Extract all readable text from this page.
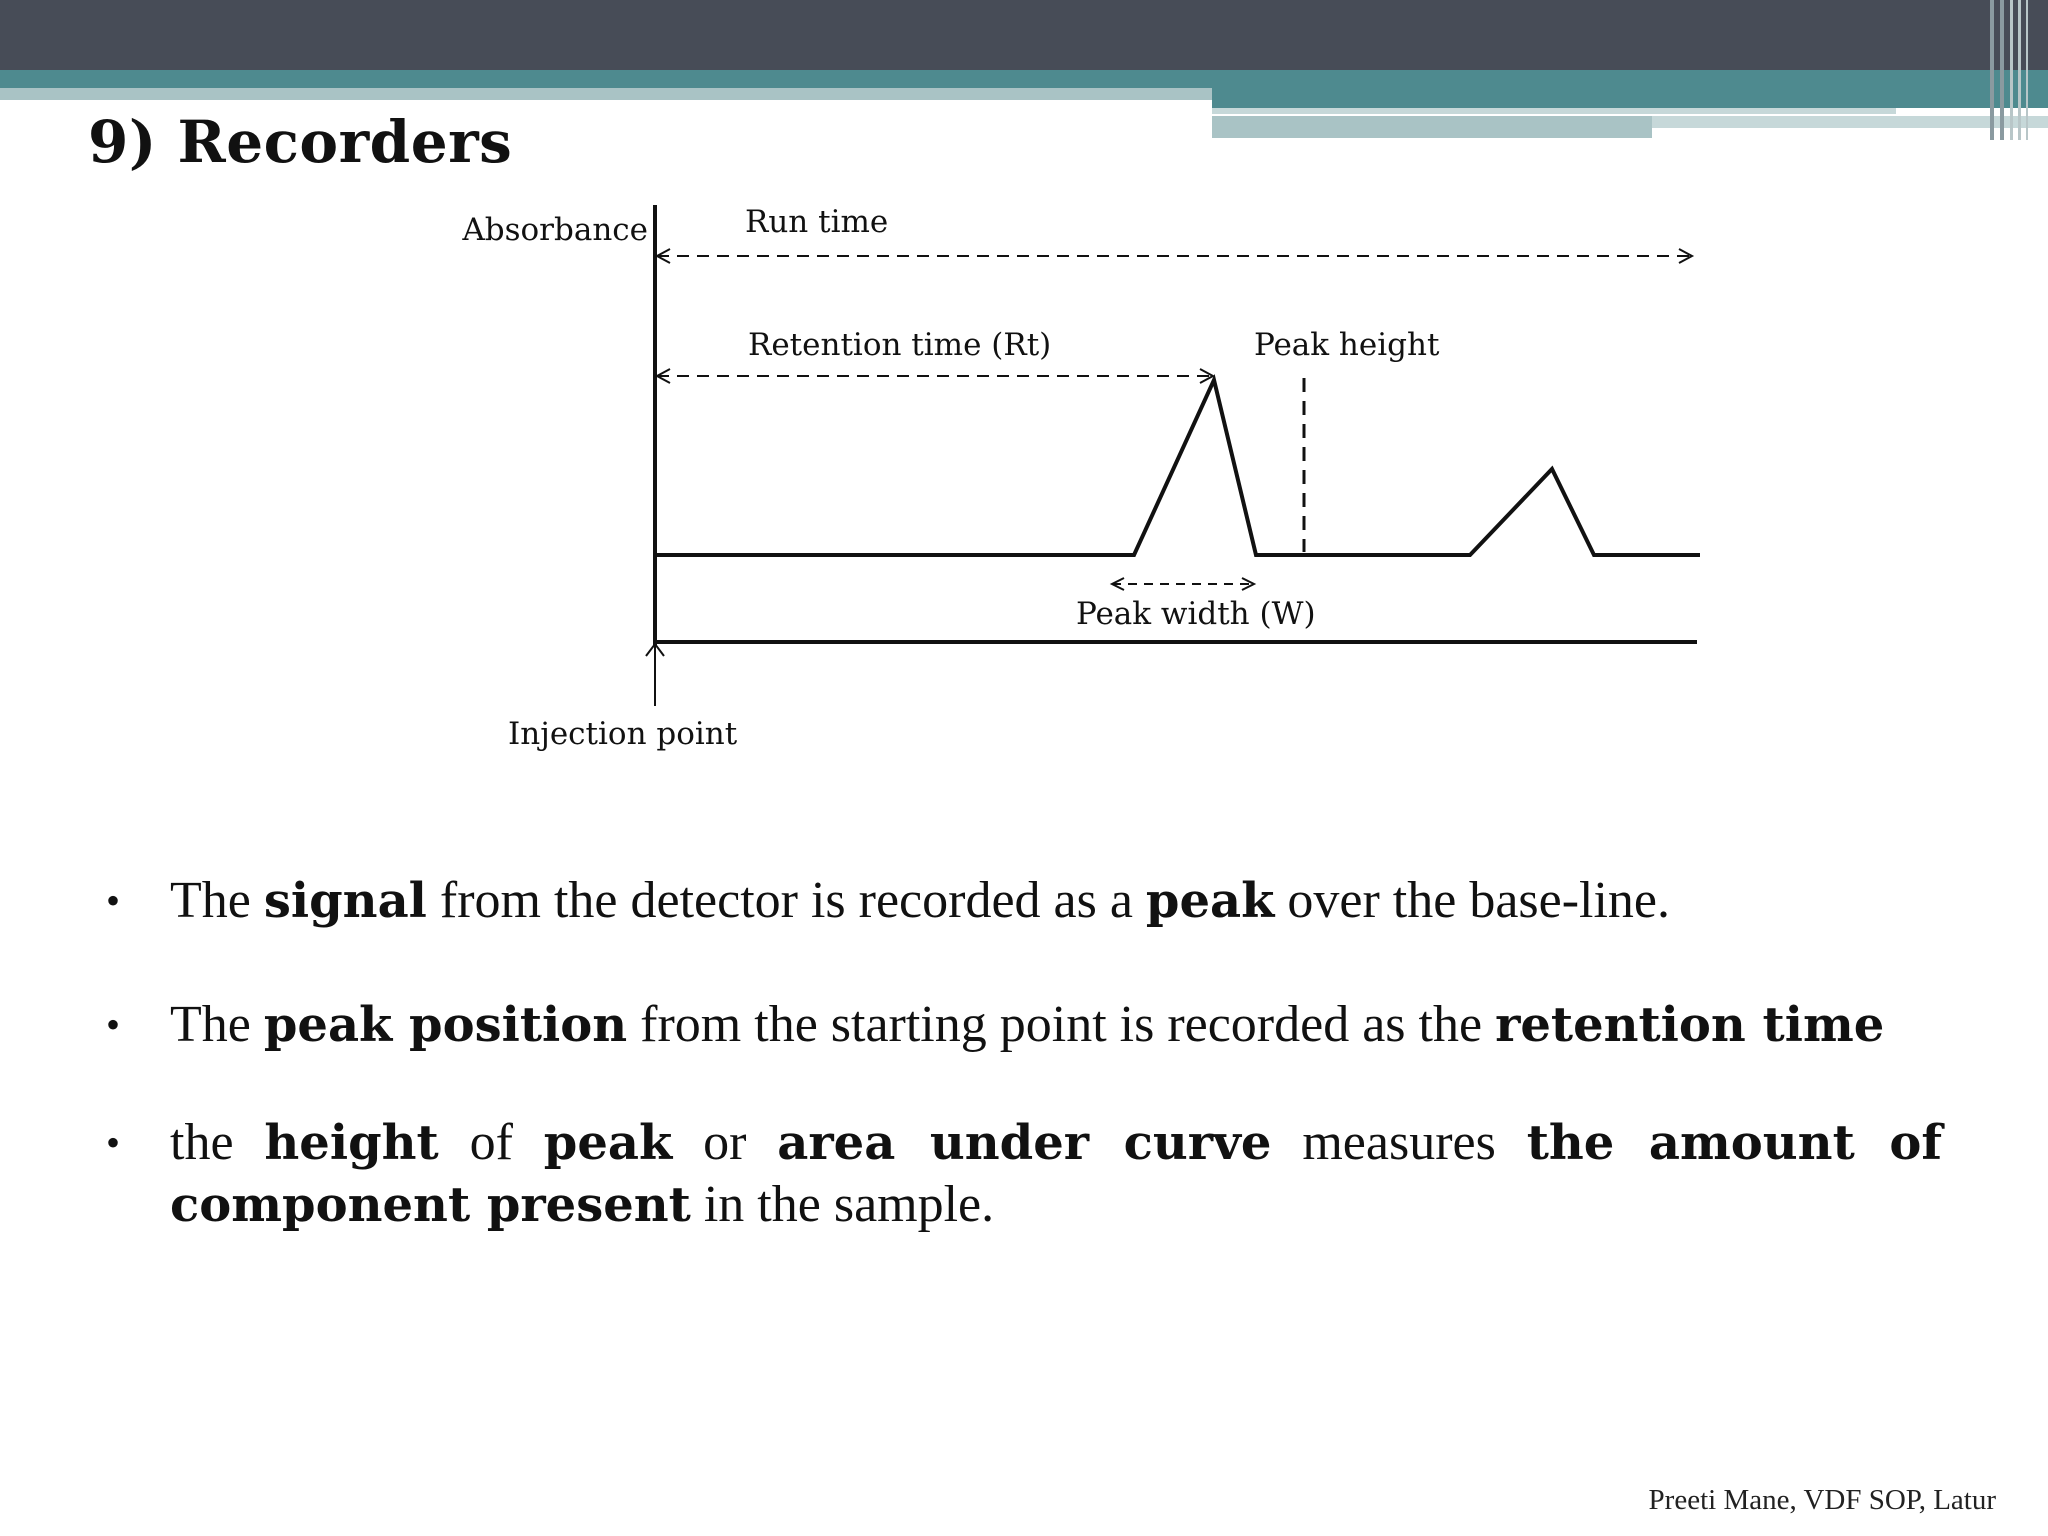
9) Recorders
Absorbance	Run time
Retention time (Rt)	Peak height
Peak width (W)
Injection point
• The signal from the detector is recorded as a peak over the base-line.
• The peak position from the starting point is recorded as the retention time
• the height of peak or area under curve measures the amount of component present in the sample.
Preeti Mane, VDF SOP, Latur
